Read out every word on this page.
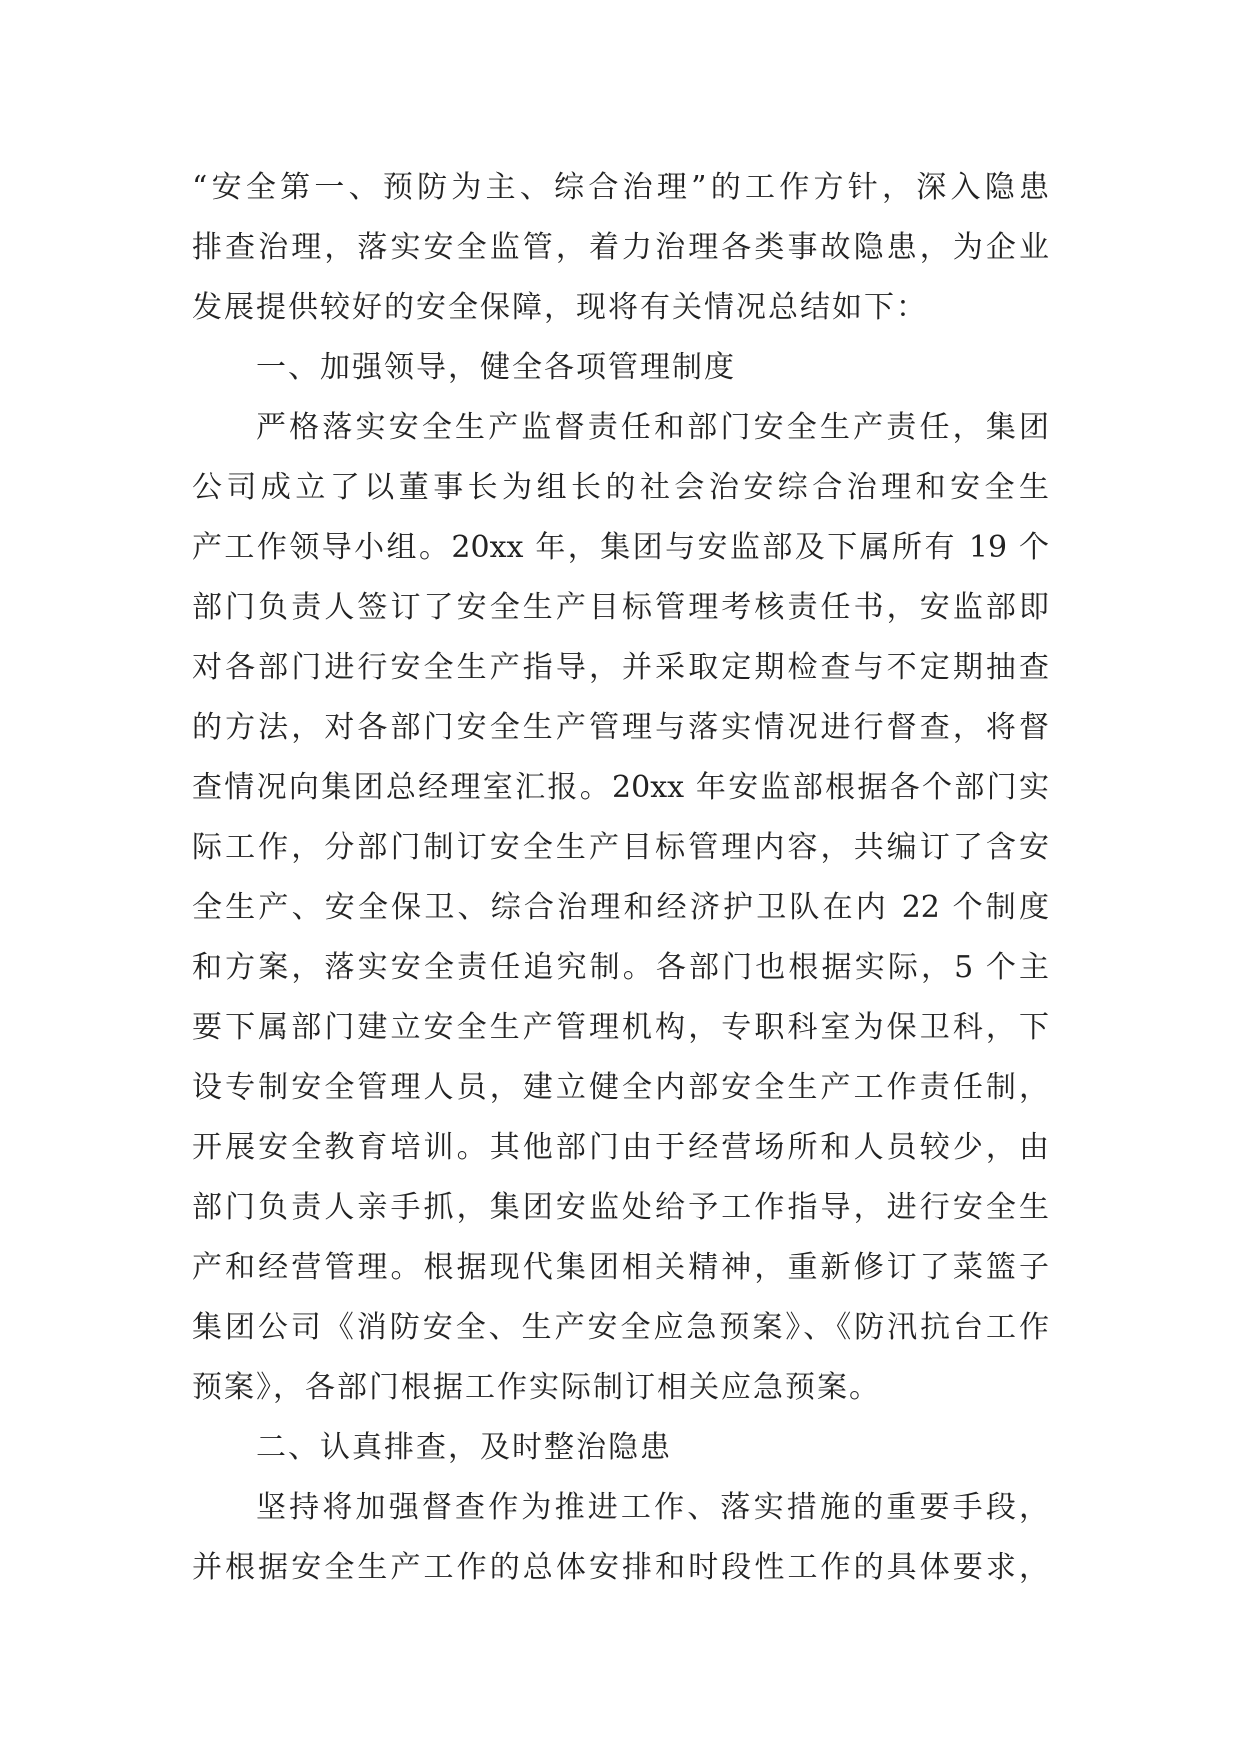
“安全第一、预防为主、综合治理”的工作方针，深入隐患
排查治理，落实安全监管，着力治理各类事故隐患，为企业
发展提供较好的安全保障，现将有关情况总结如下：
一、加强领导，健全各项管理制度
严格落实安全生产监督责任和部门安全生产责任，集团
公司成立了以董事长为组长的社会治安综合治理和安全生
产工作领导小组。20xx 年，集团与安监部及下属所有 19 个
部门负责人签订了安全生产目标管理考核责任书，安监部即
对各部门进行安全生产指导，并采取定期检查与不定期抽查
的方法，对各部门安全生产管理与落实情况进行督查，将督
查情况向集团总经理室汇报。20xx 年安监部根据各个部门实
际工作，分部门制订安全生产目标管理内容，共编订了含安
全生产、安全保卫、综合治理和经济护卫队在内 22 个制度
和方案，落实安全责任追究制。各部门也根据实际，5 个主
要下属部门建立安全生产管理机构，专职科室为保卫科，下
设专制安全管理人员，建立健全内部安全生产工作责任制，
开展安全教育培训。其他部门由于经营场所和人员较少，由
部门负责人亲手抓，集团安监处给予工作指导，进行安全生
产和经营管理。根据现代集团相关精神，重新修订了菜篮子
集团公司《消防安全、生产安全应急预案》、《防汛抗台工作
预案》，各部门根据工作实际制订相关应急预案。
二、认真排查，及时整治隐患
坚持将加强督查作为推进工作、落实措施的重要手段，
并根据安全生产工作的总体安排和时段性工作的具体要求，
